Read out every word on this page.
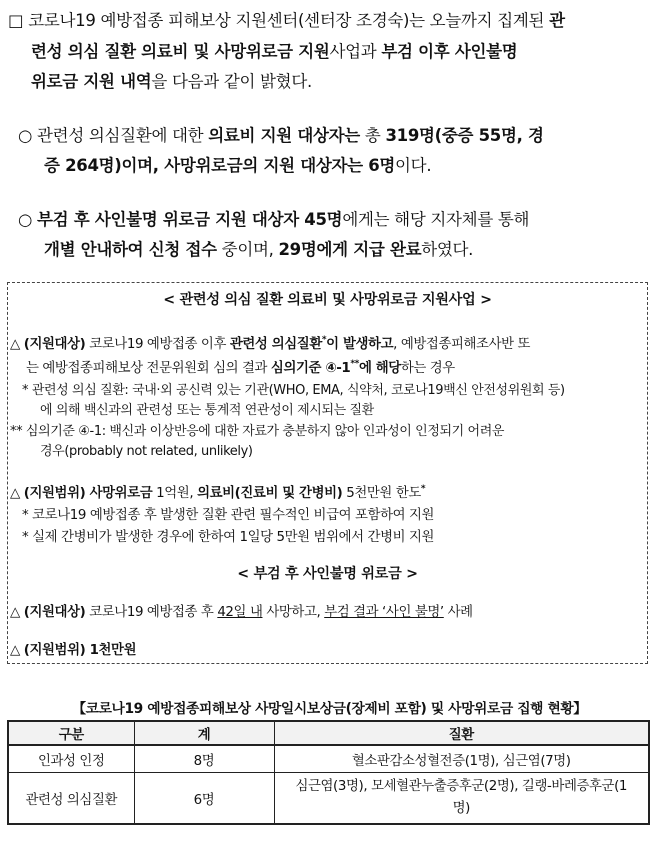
□ 코로나19 예방접종 피해보상 지원센터(센터장 조경숙)는 오늘까지 집계된 관
련성 의심 질환 의료비 및 사망위로금 지원사업과 부검 이후 사인불명
위로금 지원 내역을 다음과 같이 밝혔다.
○ 관련성 의심질환에 대한 의료비 지원 대상자는 총 319명(중증 55명, 경
증 264명)이며, 사망위로금의 지원 대상자는 6명이다.
○ 부검 후 사인불명 위로금 지원 대상자 45명에게는 해당 지자체를 통해
개별 안내하여 신청 접수 중이며, 29명에게 지급 완료하였다.
< 관련성 의심 질환 의료비 및 사망위로금 지원사업 >
△ (지원대상) 코로나19 예방접종 이후 관련성 의심질환*이 발생하고, 예방접종피해조사반 또
는 예방접종피해보상 전문위원회 심의 결과 심의기준 ④-1**에 해당하는 경우
* 관련성 의심 질환: 국내·외 공신력 있는 기관(WHO, EMA, 식약처, 코로나19백신 안전성위원회 등)
에 의해 백신과의 관련성 또는 통계적 연관성이 제시되는 질환
** 심의기준 ④-1: 백신과 이상반응에 대한 자료가 충분하지 않아 인과성이 인정되기 어려운
경우(probably not related, unlikely)
△ (지원범위) 사망위로금 1억원, 의료비(진료비 및 간병비) 5천만원 한도*
* 코로나19 예방접종 후 발생한 질환 관련 필수적인 비급여 포함하여 지원
* 실제 간병비가 발생한 경우에 한하여 1일당 5만원 범위에서 간병비 지원
< 부검 후 사인불명 위로금 >
△ (지원대상) 코로나19 예방접종 후 42일 내 사망하고, 부검 결과 ‘사인 불명’ 사례
△ (지원범위) 1천만원
【코로나19 예방접종피해보상 사망일시보상금(장제비 포함) 및 사망위로금 집행 현황】
구분	계	질환
인과성 인정	8명	혈소판감소성혈전증(1명), 심근염(7명)
관련성 의심질환	6명	심근염(3명), 모세혈관누출증후군(2명), 길랭-바레증후군(1
명)
